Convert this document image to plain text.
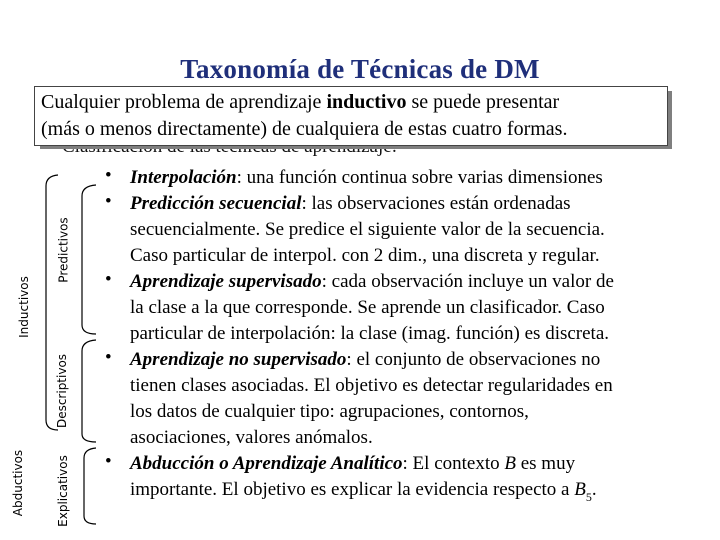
Taxonomía de Técnicas de DM
Cualquier problema de aprendizaje inductivo se puede presentar
(más o menos directamente) de cualquiera de estas cuatro formas.
Inductivos
Predictivos
Descriptivos
Abductivos	Explicativos
• Interpolación: una función continua sobre varias dimensiones
• Predicción secuencial: las observaciones están ordenadas
secuencialmente. Se predice el siguiente valor de la secuencia.
Caso particular de interpol. con 2 dim., una discreta y regular.
• Aprendizaje supervisado: cada observación incluye un valor de
la clase a la que corresponde. Se aprende un clasificador. Caso
particular de interpolación: la clase (imag. función) es discreta.
• Aprendizaje no supervisado: el conjunto de observaciones no
tienen clases asociadas. El objetivo es detectar regularidades en
los datos de cualquier tipo: agrupaciones, contornos,
asociaciones, valores anómalos.
• Abducción o Aprendizaje Analítico: El contexto B es muy
importante. El objetivo es explicar la evidencia respecto a $B_5$.
